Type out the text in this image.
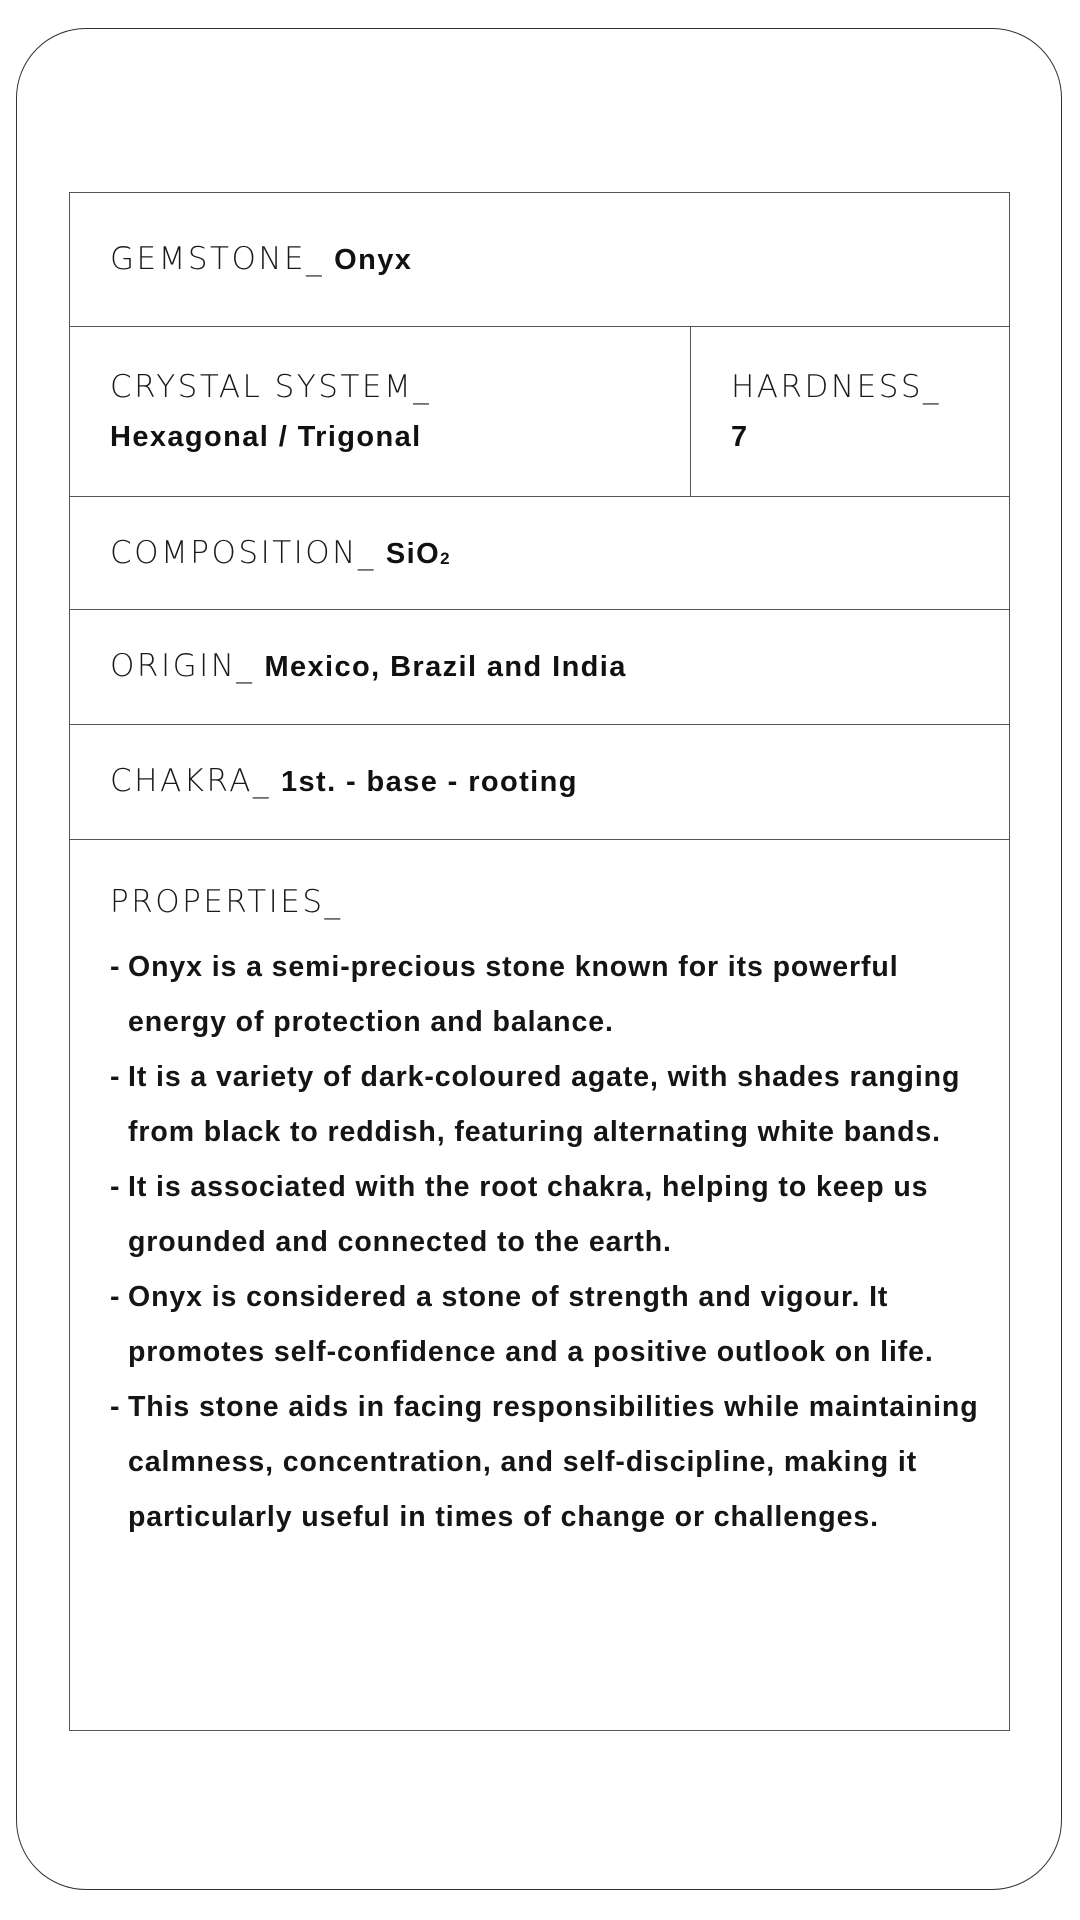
GEMSTONE_ Onyx
CRYSTAL SYSTEM_
Hexagonal / Trigonal
HARDNESS_
7
COMPOSITION_ SiO2
ORIGIN_ Mexico, Brazil and India
CHAKRA_ 1st. - base - rooting
PROPERTIES_
- Onyx is a semi-precious stone known for its powerful energy of protection and balance.
- It is a variety of dark-coloured agate, with shades ranging from black to reddish, featuring alternating white bands.
- It is associated with the root chakra, helping to keep us grounded and connected to the earth.
- Onyx is considered a stone of strength and vigour. It promotes self-confidence and a positive outlook on life.
- This stone aids in facing responsibilities while maintaining calmness, concentration, and self-discipline, making it particularly useful in times of change or challenges.
